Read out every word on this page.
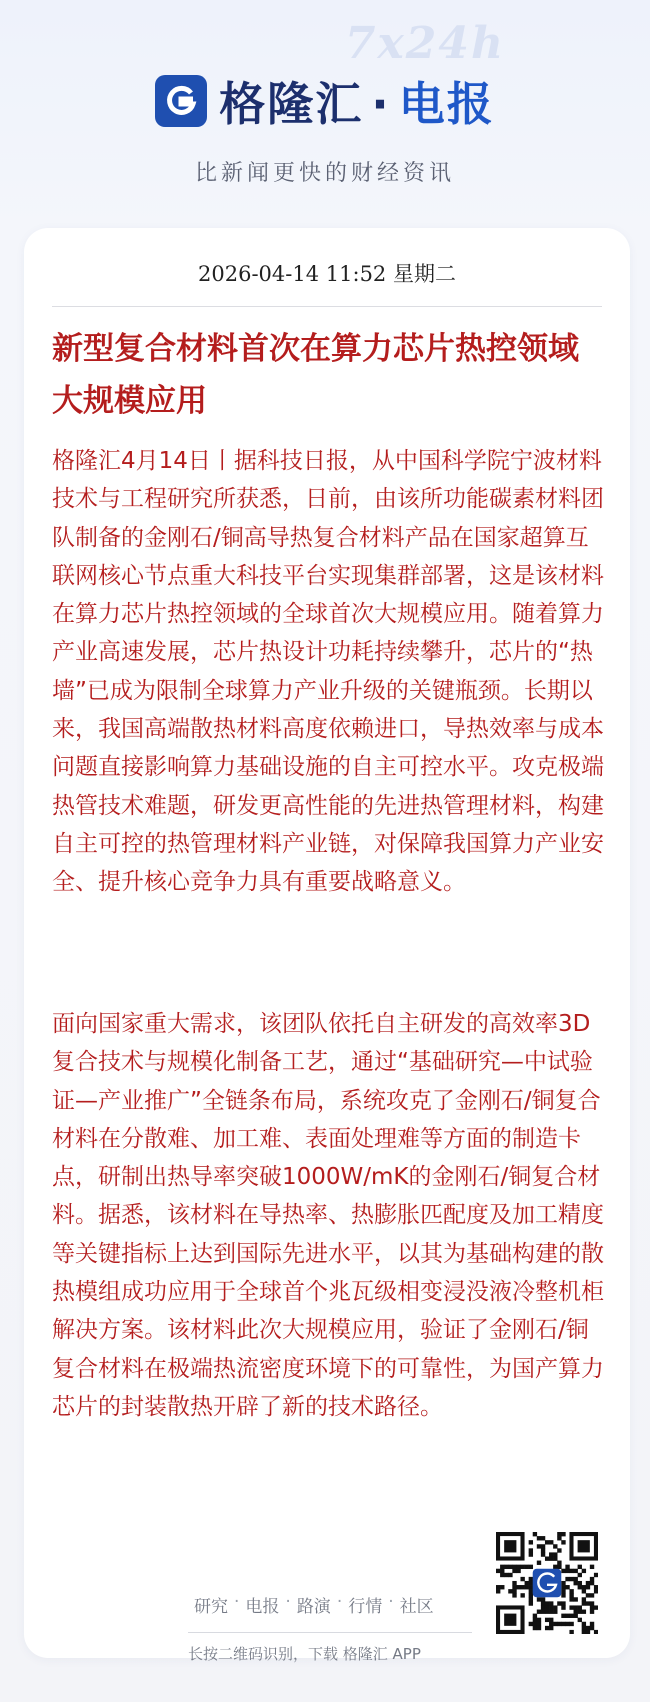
7x24h
格隆汇 · 电报
比新闻更快的财经资讯
2026-04-14 11:52 星期二
新型复合材料首次在算力芯片热控领域大规模应用

格隆汇4月14日丨据科技日报，从中国科学院宁波材料技术与工程研究所获悉，日前，由该所功能碳素材料团队制备的金刚石/铜高导热复合材料产品在国家超算互联网核心节点重大科技平台实现集群部署，这是该材料在算力芯片热控领域的全球首次大规模应用。随着算力产业高速发展，芯片热设计功耗持续攀升，芯片的“热墙”已成为限制全球算力产业升级的关键瓶颈。长期以来，我国高端散热材料高度依赖进口，导热效率与成本问题直接影响算力基础设施的自主可控水平。攻克极端热管技术难题，研发更高性能的先进热管理材料，构建自主可控的热管理材料产业链，对保障我国算力产业安全、提升核心竞争力具有重要战略意义。

面向国家重大需求，该团队依托自主研发的高效率3D复合技术与规模化制备工艺，通过“基础研究—中试验证—产业推广”全链条布局，系统攻克了金刚石/铜复合材料在分散难、加工难、表面处理难等方面的制造卡点，研制出热导率突破1000W/mK的金刚石/铜复合材料。据悉，该材料在导热率、热膨胀匹配度及加工精度等关键指标上达到国际先进水平，以其为基础构建的散热模组成功应用于全球首个兆瓦级相变浸没液冷整机柜解决方案。该材料此次大规模应用，验证了金刚石/铜复合材料在极端热流密度环境下的可靠性，为国产算力芯片的封装散热开辟了新的技术路径。

研究 · 电报 · 路演 · 行情 · 社区
长按二维码识别，下载 格隆汇 APP
